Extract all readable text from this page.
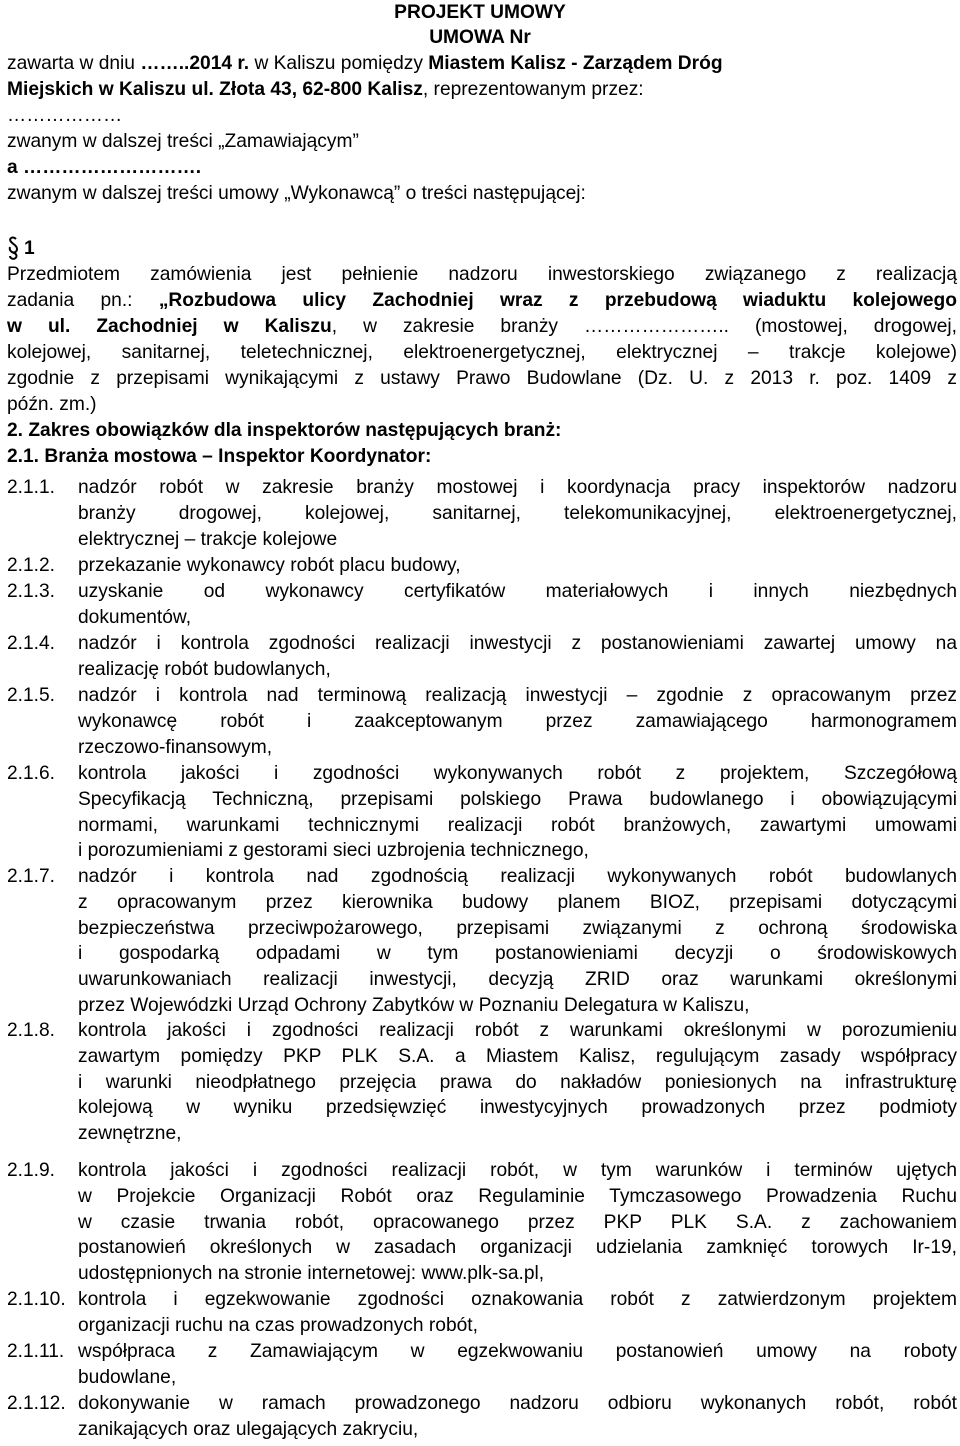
PROJEKT UMOWY
UMOWA Nr
zawarta w dniu ……..2014 r. w Kaliszu pomiędzy Miastem Kalisz - Zarządem Dróg
Miejskich w Kaliszu ul. Złota 43, 62-800 Kalisz, reprezentowanym przez:
………………
zwanym w dalszej treści „Zamawiającym”
a ……………………….
zwanym w dalszej treści umowy „Wykonawcą” o treści następującej:
1
Przedmiotem zamówienia jest pełnienie nadzoru inwestorskiego związanego z realizacją
zadania pn.: „Rozbudowa ulicy Zachodniej wraz z przebudową wiaduktu kolejowego
w ul. Zachodniej w Kaliszu, w zakresie branży ………………….. (mostowej, drogowej,
kolejowej, sanitarnej, teletechnicznej, elektroenergetycznej, elektrycznej – trakcje kolejowe)
zgodnie z przepisami wynikającymi z ustawy Prawo Budowlane (Dz. U. z 2013 r. poz. 1409 z
późn. zm.)
2. Zakres obowiązków dla inspektorów następujących branż:
2.1. Branża mostowa – Inspektor Koordynator:
2.1.1. nadzór robót w zakresie branży mostowej i koordynacja pracy inspektorów nadzoru
branży drogowej, kolejowej, sanitarnej, telekomunikacyjnej, elektroenergetycznej,
elektrycznej – trakcje kolejowe
2.1.2. przekazanie wykonawcy robót placu budowy,
2.1.3. uzyskanie od wykonawcy certyfikatów materiałowych i innych niezbędnych
dokumentów,
2.1.4. nadzór i kontrola zgodności realizacji inwestycji z postanowieniami zawartej umowy na
realizację robót budowlanych,
2.1.5. nadzór i kontrola nad terminową realizacją inwestycji – zgodnie z opracowanym przez
wykonawcę robót i zaakceptowanym przez zamawiającego harmonogramem
rzeczowo-finansowym,
2.1.6. kontrola jakości i zgodności wykonywanych robót z projektem, Szczegółową
Specyfikacją Techniczną, przepisami polskiego Prawa budowlanego i obowiązującymi
normami, warunkami technicznymi realizacji robót branżowych, zawartymi umowami
i porozumieniami z gestorami sieci uzbrojenia technicznego,
2.1.7. nadzór i kontrola nad zgodnością realizacji wykonywanych robót budowlanych
z opracowanym przez kierownika budowy planem BIOZ, przepisami dotyczącymi
bezpieczeństwa przeciwpożarowego, przepisami związanymi z ochroną środowiska
i gospodarką odpadami w tym postanowieniami decyzji o środowiskowych
uwarunkowaniach realizacji inwestycji, decyzją ZRID oraz warunkami określonymi
przez Wojewódzki Urząd Ochrony Zabytków w Poznaniu Delegatura w Kaliszu,
2.1.8. kontrola jakości i zgodności realizacji robót z warunkami określonymi w porozumieniu
zawartym pomiędzy PKP PLK S.A. a Miastem Kalisz, regulującym zasady współpracy
i warunki nieodpłatnego przejęcia prawa do nakładów poniesionych na infrastrukturę
kolejową w wyniku przedsięwzięć inwestycyjnych prowadzonych przez podmioty
zewnętrzne,
2.1.9. kontrola jakości i zgodności realizacji robót, w tym warunków i terminów ujętych
w Projekcie Organizacji Robót oraz Regulaminie Tymczasowego Prowadzenia Ruchu
w czasie trwania robót, opracowanego przez PKP PLK S.A. z zachowaniem
postanowień określonych w zasadach organizacji udzielania zamknięć torowych Ir-19,
udostępnionych na stronie internetowej: www.plk-sa.pl,
2.1.10. kontrola i egzekwowanie zgodności oznakowania robót z zatwierdzonym projektem
organizacji ruchu na czas prowadzonych robót,
2.1.11. współpraca z Zamawiającym w egzekwowaniu postanowień umowy na roboty
budowlane,
2.1.12. dokonywanie w ramach prowadzonego nadzoru odbioru wykonanych robót, robót
zanikających oraz ulegających zakryciu,
